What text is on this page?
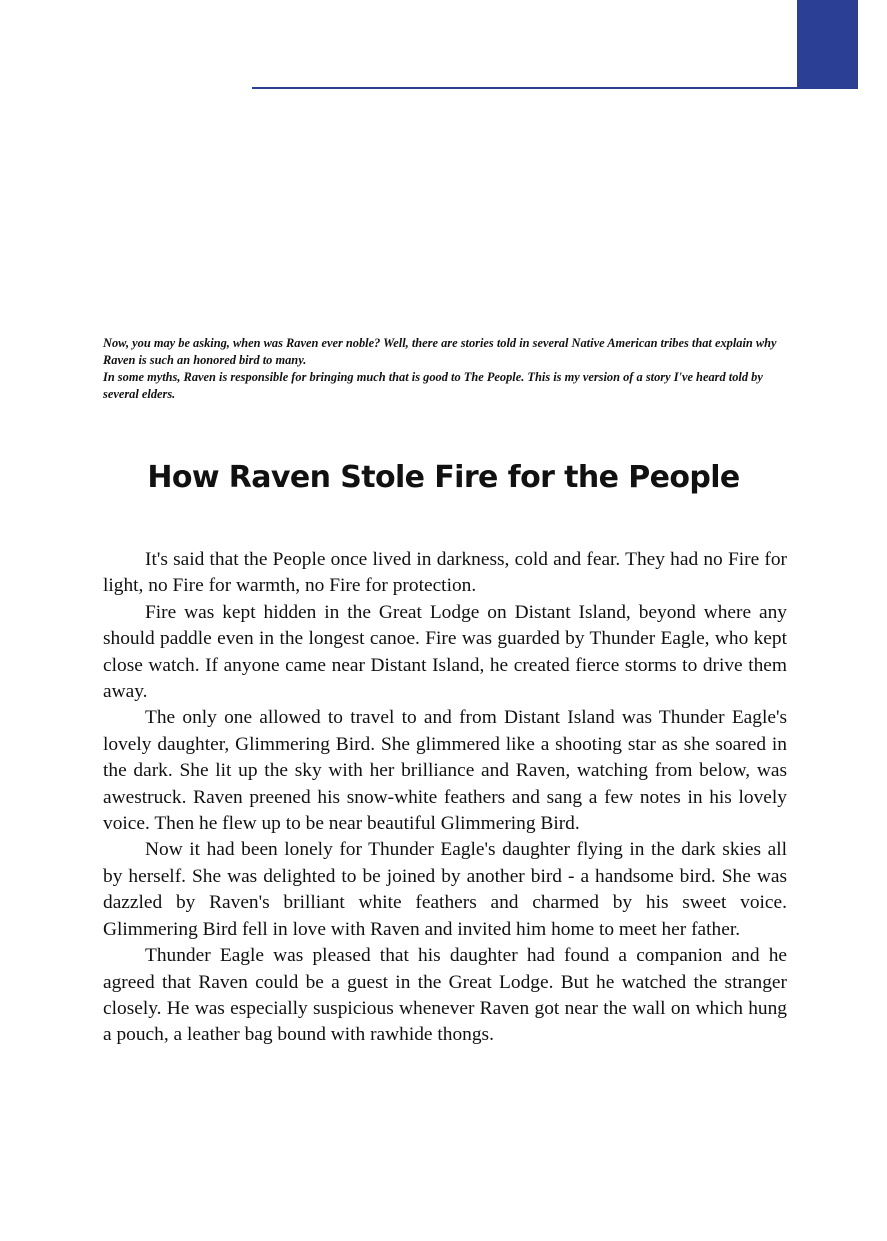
Now, you may be asking, when was Raven ever noble? Well, there are stories told in several Native American tribes that explain why Raven is such an honored bird to many.

In some myths, Raven is responsible for bringing much that is good to The People. This is my version of a story I've heard told by several elders.

How Raven Stole Fire for the People

It's said that the People once lived in darkness, cold and fear. They had no Fire for light, no Fire for warmth, no Fire for protection.

Fire was kept hidden in the Great Lodge on Distant Island, beyond where any should paddle even in the longest canoe. Fire was guarded by Thunder Eagle, who kept close watch. If anyone came near Distant Island, he created fierce storms to drive them away.

The only one allowed to travel to and from Distant Island was Thunder Eagle's lovely daughter, Glimmering Bird. She glimmered like a shooting star as she soared in the dark. She lit up the sky with her brilliance and Raven, watching from below, was awestruck. Raven preened his snow-white feathers and sang a few notes in his lovely voice. Then he flew up to be near beautiful Glimmering Bird.

Now it had been lonely for Thunder Eagle's daughter flying in the dark skies all by herself. She was delighted to be joined by another bird - a handsome bird. She was dazzled by Raven's brilliant white feathers and charmed by his sweet voice. Glimmering Bird fell in love with Raven and invited him home to meet her father.

Thunder Eagle was pleased that his daughter had found a companion and he agreed that Raven could be a guest in the Great Lodge. But he watched the stranger closely. He was especially suspicious whenever Raven got near the wall on which hung a pouch, a leather bag bound with rawhide thongs.
